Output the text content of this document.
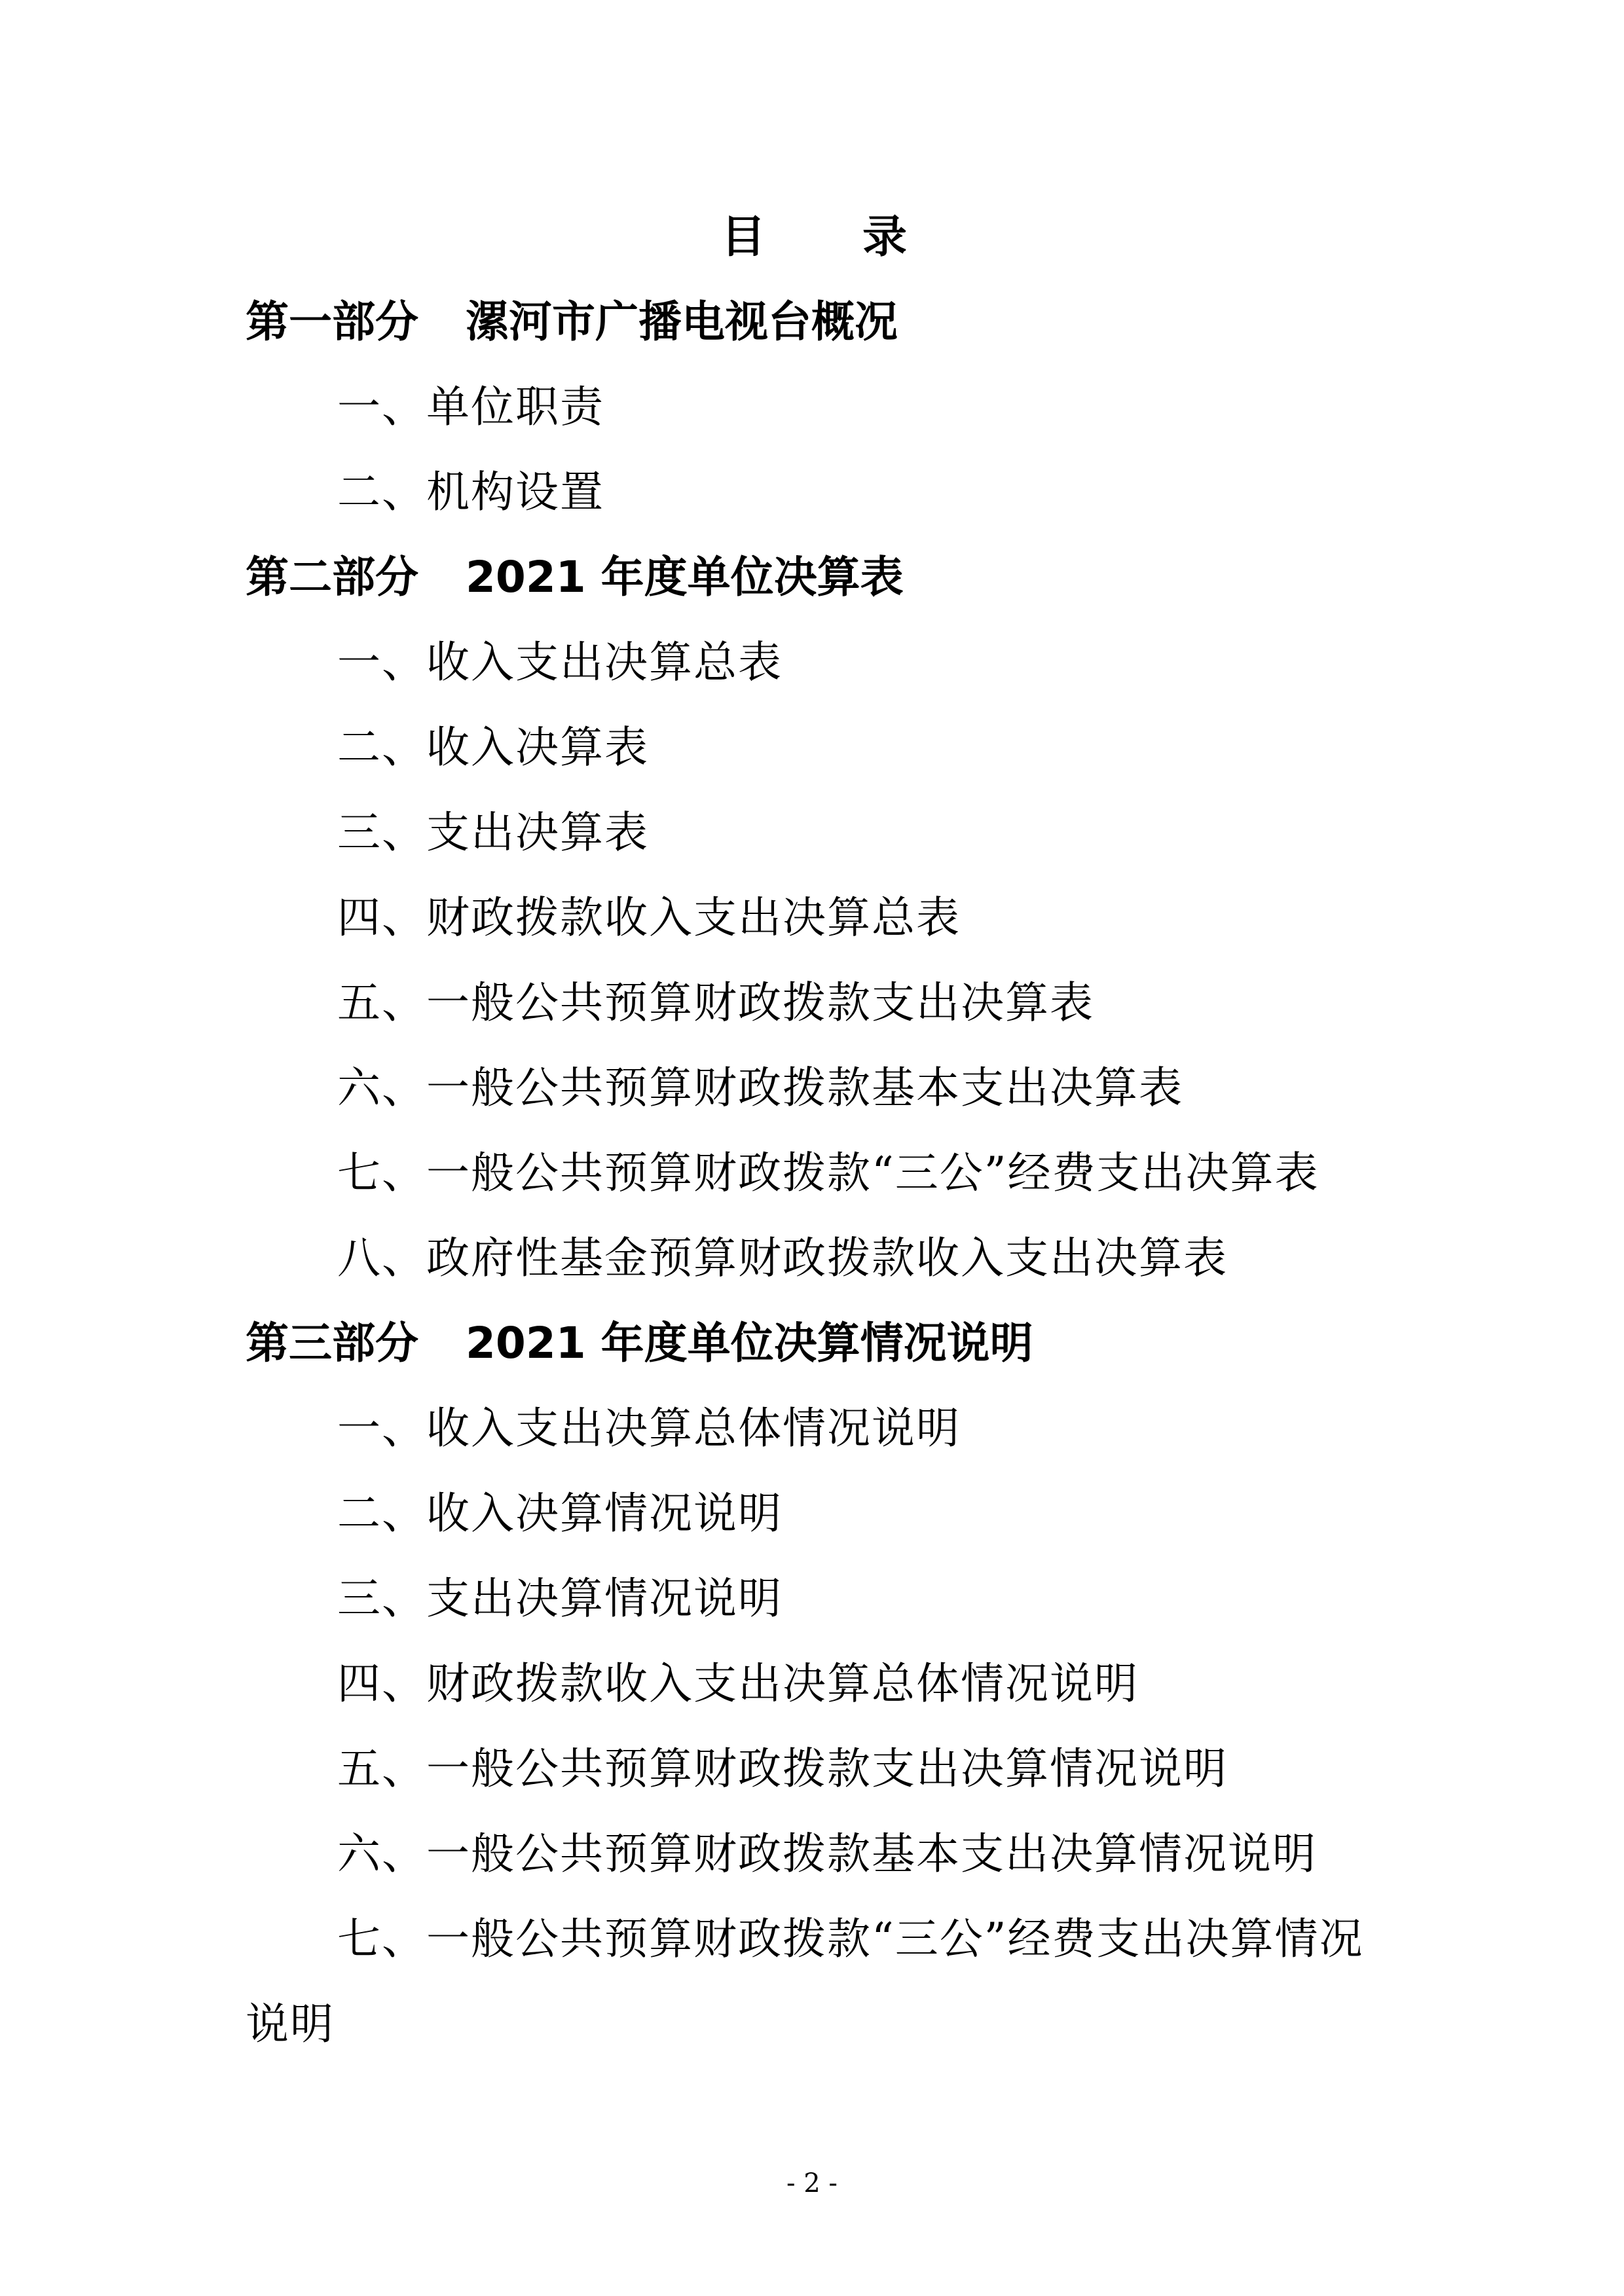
目　　录
第一部分 漯河市广播电视台概况

一、单位职责

二、机构设置

第二部分 2021 年度单位决算表

一、收入支出决算总表

二、收入决算表

三、支出决算表

四、财政拨款收入支出决算总表

五、一般公共预算财政拨款支出决算表

六、一般公共预算财政拨款基本支出决算表

七、一般公共预算财政拨款“三公”经费支出决算表

八、政府性基金预算财政拨款收入支出决算表

第三部分 2021 年度单位决算情况说明

一、收入支出决算总体情况说明

二、收入决算情况说明

三、支出决算情况说明

四、财政拨款收入支出决算总体情况说明

五、一般公共预算财政拨款支出决算情况说明

六、一般公共预算财政拨款基本支出决算情况说明

七、一般公共预算财政拨款“三公”经费支出决算情况

说明

- 2 -
